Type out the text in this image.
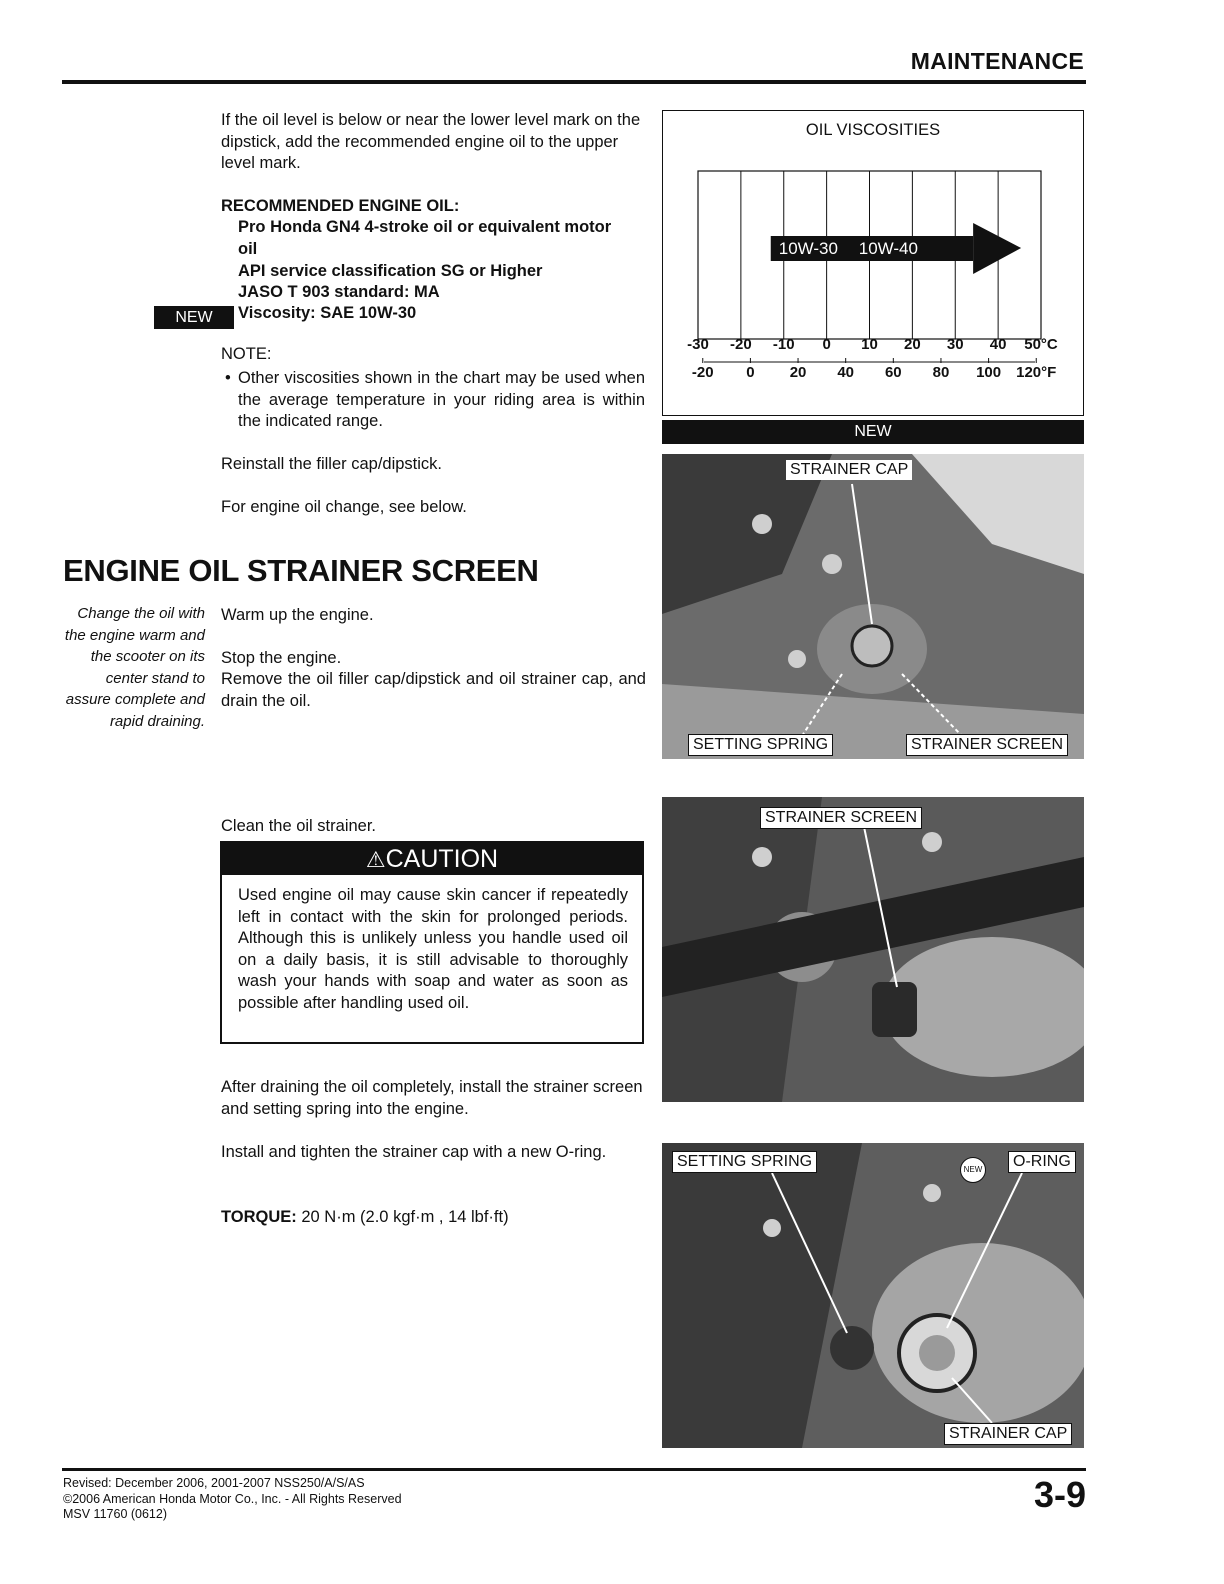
MAINTENANCE
If the oil level is below or near the lower level mark on the dipstick, add the recommended engine oil to the upper level mark.
RECOMMENDED ENGINE OIL:
Pro Honda GN4 4-stroke oil or equivalent motor oil
API service classification SG or Higher
JASO T 903 standard: MA
NEW	Viscosity: SAE 10W-30
NOTE:
• Other viscosities shown in the chart may be used when the average temperature in your riding area is within the indicated range.
Reinstall the filler cap/dipstick.
For engine oil change, see below.
OIL VISCOSITIES
10W-30 10W-40
-30 -20 -10 0 10 20 30 40 50°C
-20 0 20 40 60 80 100 120°F
NEW
STRAINER CAP
SETTING SPRING	STRAINER SCREEN
ENGINE OIL STRAINER SCREEN
Change the oil with the engine warm and the scooter on its center stand to assure complete and rapid draining.
Warm up the engine.
Stop the engine.
Remove the oil filler cap/dipstick and oil strainer cap, and drain the oil.
Clean the oil strainer.
⚠CAUTION
Used engine oil may cause skin cancer if repeatedly left in contact with the skin for prolonged periods. Although this is unlikely unless you handle used oil on a daily basis, it is still advisable to thoroughly wash your hands with soap and water as soon as possible after handling used oil.
After draining the oil completely, install the strainer screen and setting spring into the engine.
Install and tighten the strainer cap with a new O-ring.
TORQUE: 20 N·m (2.0 kgf·m , 14 lbf·ft)
STRAINER SCREEN
SETTING SPRING	O-RING
NEW
STRAINER CAP
Revised: December 2006, 2001-2007 NSS250/A/S/AS
©2006 American Honda Motor Co., Inc. - All Rights Reserved
MSV 11760 (0612)	3-9
